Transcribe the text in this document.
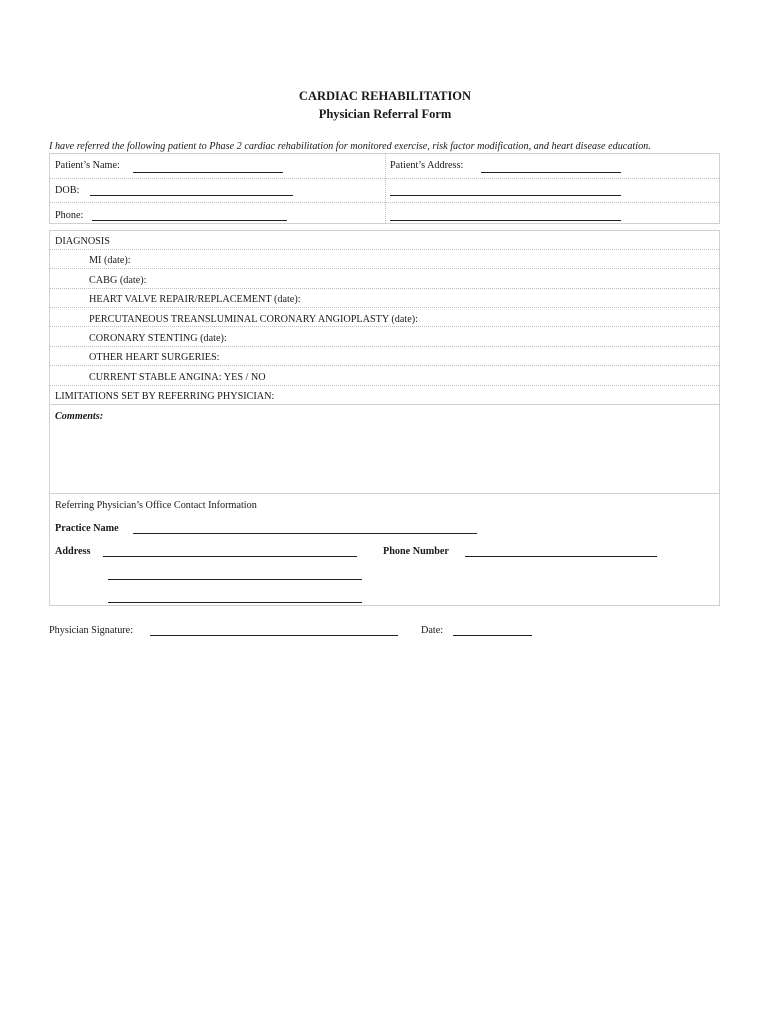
CARDIAC REHABILITATION
Physician Referral Form
I have referred the following patient to Phase 2 cardiac rehabilitation for monitored exercise, risk factor modification, and heart disease education.
Patient’s Name:	Patient’s Address:
DOB:
Phone:
DIAGNOSIS
MI (date):
CABG (date):
HEART VALVE REPAIR/REPLACEMENT (date):
PERCUTANEOUS TREANSLUMINAL CORONARY ANGIOPLASTY (date):
CORONARY STENTING (date):
OTHER HEART SURGERIES:
CURRENT STABLE ANGINA: YES / NO
LIMITATIONS SET BY REFERRING PHYSICIAN:
Comments:
Referring Physician’s Office Contact Information
Practice Name
Address	Phone Number
Physician Signature:	Date:
